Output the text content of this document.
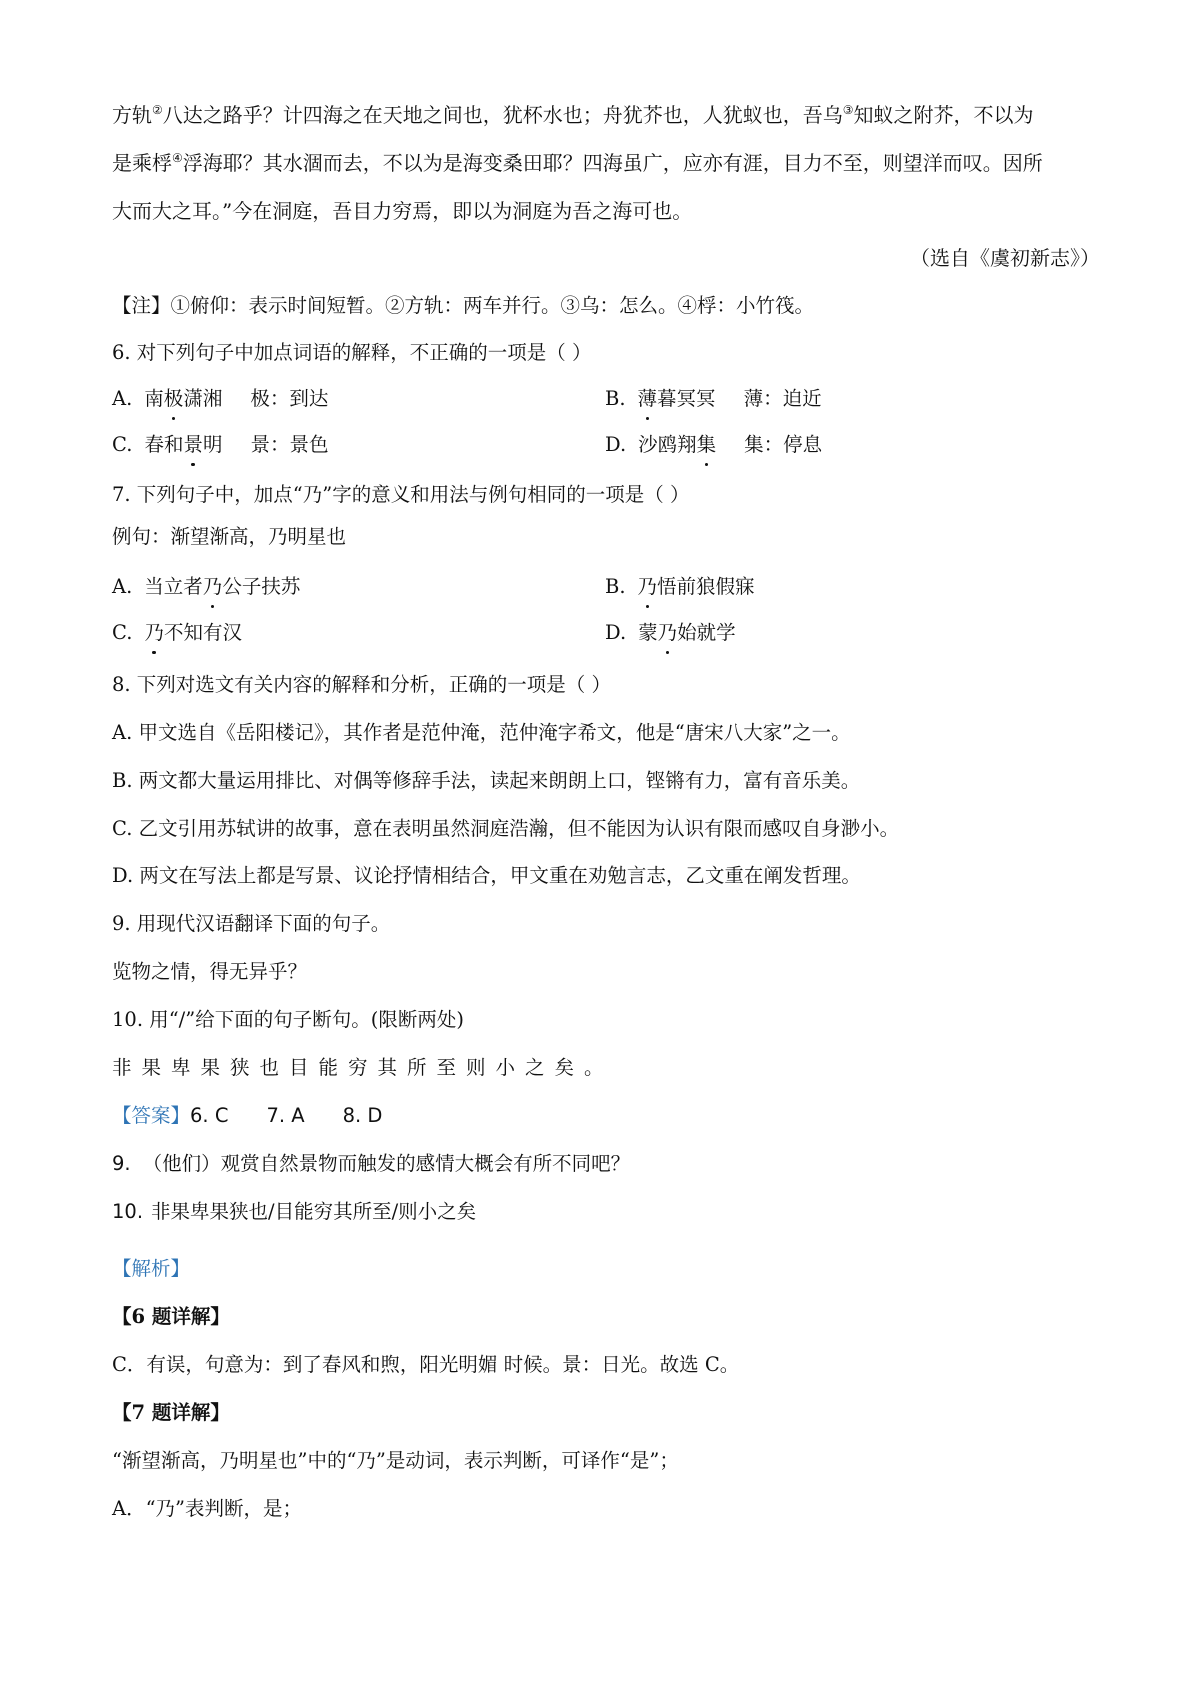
方轨②八达之路乎？计四海之在天地之间也，犹杯水也；舟犹芥也，人犹蚁也，吾乌③知蚁之附芥，不以为
是乘桴④浮海耶？其水涸而去，不以为是海变桑田耶？四海虽广，应亦有涯，目力不至，则望洋而叹。因所
大而大之耳。”今在洞庭，吾目力穷焉，即以为洞庭为吾之海可也。
（选自《虞初新志》）
【注】①俯仰：表示时间短暂。②方轨：两车并行。③乌：怎么。④桴：小竹筏。
6. 对下列句子中加点词语的解释，不正确的一项是（ ）
A. 南极潇湘 极：到达	B. 薄暮冥冥 薄：迫近
C. 春和景明 景：景色	D. 沙鸥翔集 集：停息
7. 下列句子中，加点“乃”字的意义和用法与例句相同的一项是（ ）
例句：渐望渐高，乃明星也
A. 当立者乃公子扶苏	B. 乃悟前狼假寐
C. 乃不知有汉	D. 蒙乃始就学
8. 下列对选文有关内容的解释和分析，正确的一项是（ ）
A. 甲文选自《岳阳楼记》，其作者是范仲淹，范仲淹字希文，他是“唐宋八大家”之一。
B. 两文都大量运用排比、对偶等修辞手法，读起来朗朗上口，铿锵有力，富有音乐美。
C. 乙文引用苏轼讲的故事，意在表明虽然洞庭浩瀚，但不能因为认识有限而感叹自身渺小。
D. 两文在写法上都是写景、议论抒情相结合，甲文重在劝勉言志，乙文重在阐发哲理。
9. 用现代汉语翻译下面的句子。
览物之情，得无异乎？
10. 用“/”给下面的句子断句。(限断两处)
非果卑果狭也目能穷其所至则小之矣。
【答案】6. C 7. A 8. D
9. （他们）观赏自然景物而触发的感情大概会有所不同吧？
10. 非果卑果狭也/目能穷其所至/则小之矣
【解析】
【6 题详解】
C．有误，句意为：到了春风和煦，阳光明媚 时候。景：日光。故选 C。
【7 题详解】
“渐望渐高，乃明星也”中的“乃”是动词，表示判断，可译作“是”；
A．“乃”表判断，是；
